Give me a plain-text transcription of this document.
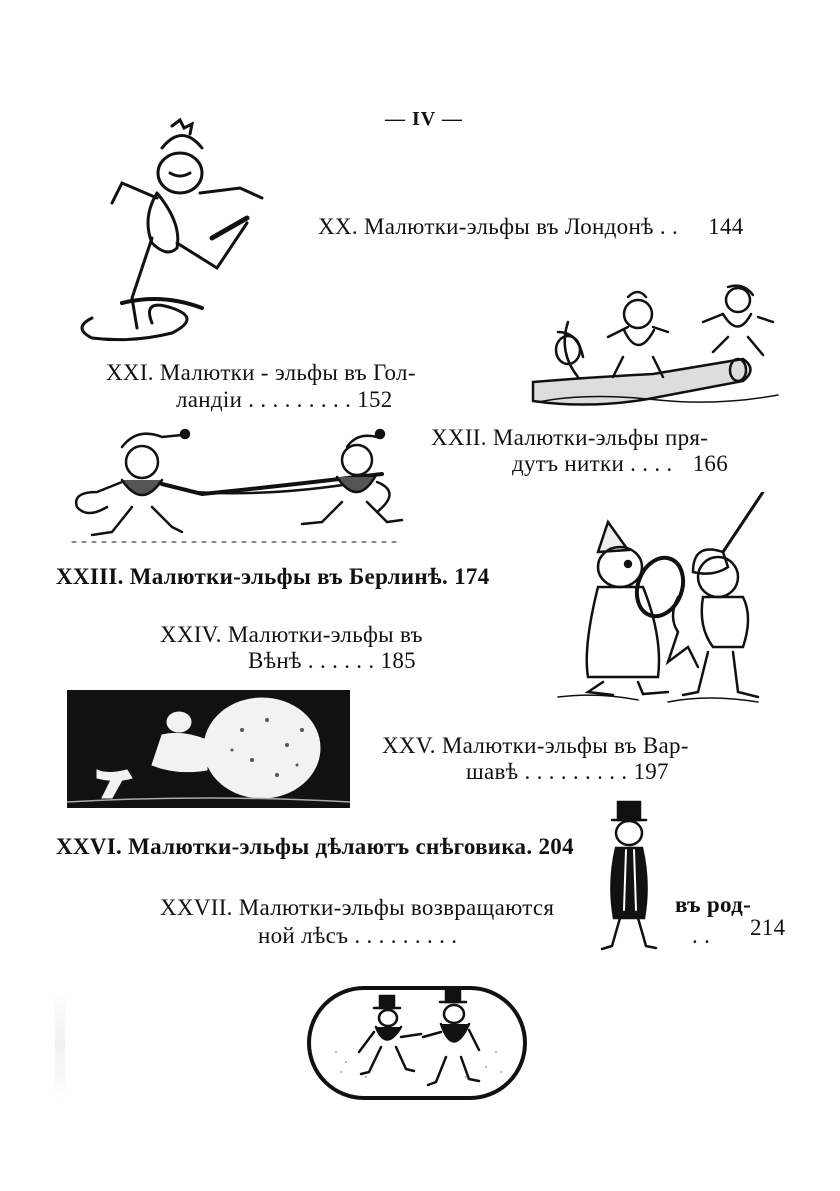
— IV —
XX. Малютки-эльфы въ Лондонѣ . . 144
XXI. Малютки - эльфы въ Гол-
ландіи . . . . . . . . . 152
XXII. Малютки-эльфы пря-
дутъ нитки . . . . 166
XXIII. Малютки-эльфы въ Берлинѣ. 174
XXIV. Малютки-эльфы въ
Вѣнѣ . . . . . . 185
XXV. Малютки-эльфы въ Вар-
шавѣ . . . . . . . . . 197
XXVI. Малютки-эльфы дѣлаютъ снѣговика. 204
XXVII. Малютки-эльфы возвращаются	въ род-
ной лѣсъ . . . . . . . . .	. . 214
